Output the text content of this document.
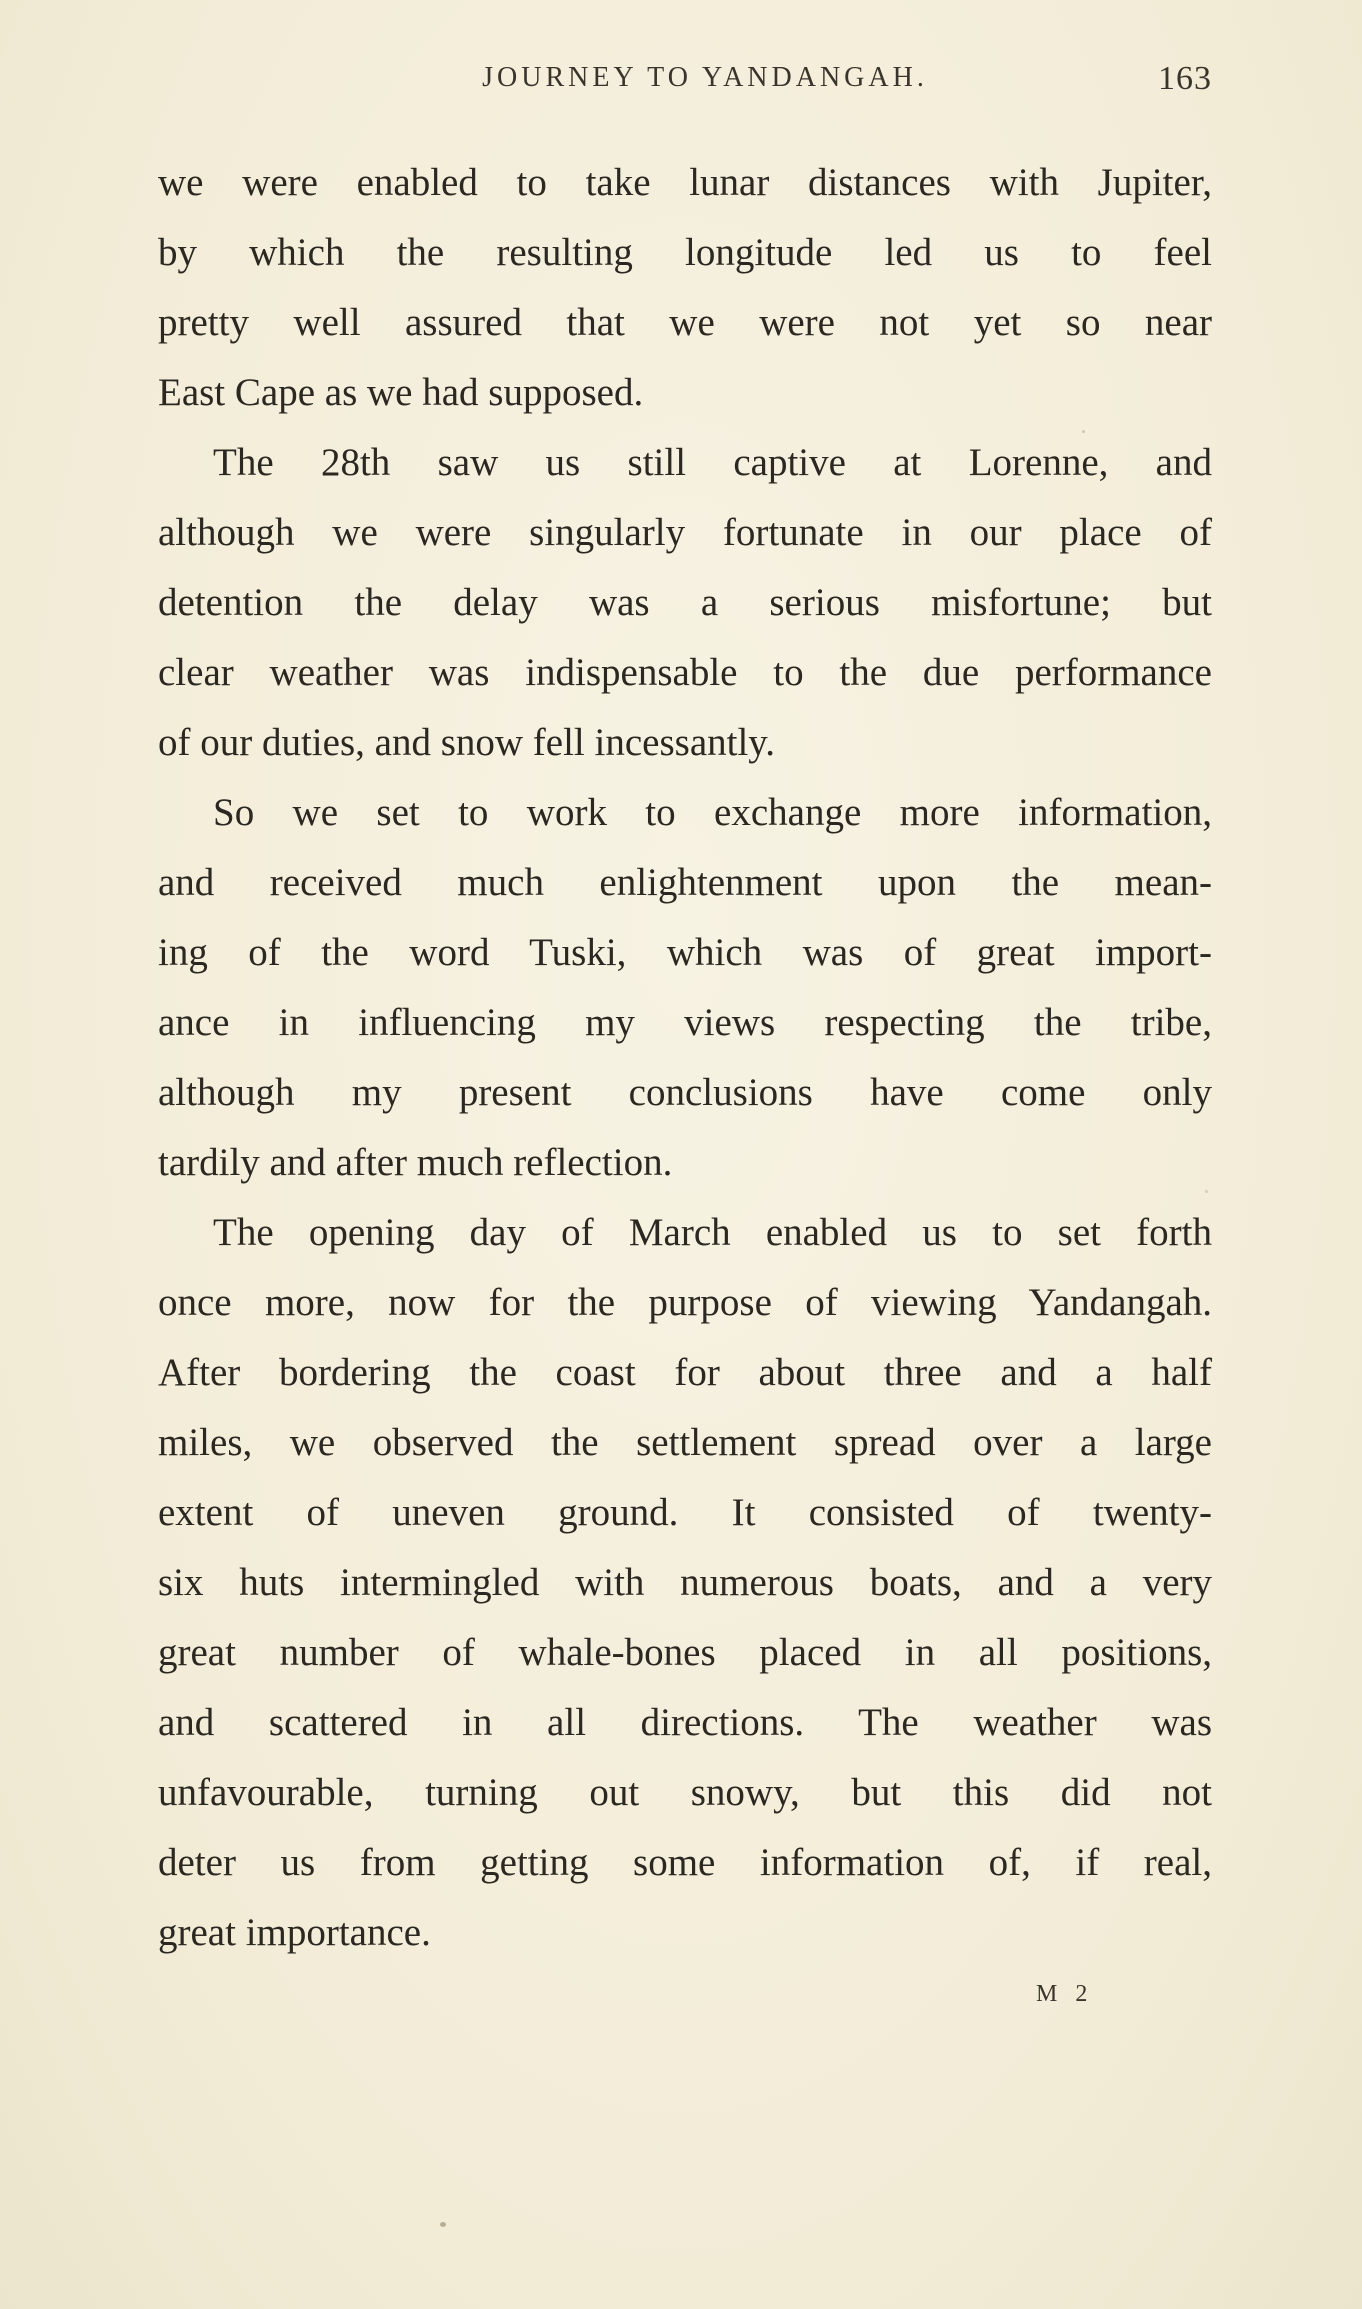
JOURNEY TO YANDANGAH.	163
we were enabled to take lunar distances with Jupiter,
by which the resulting longitude led us to feel
pretty well assured that we were not yet so near
East Cape as we had supposed.
The 28th saw us still captive at Lorenne, and
although we were singularly fortunate in our place of
detention the delay was a serious misfortune; but
clear weather was indispensable to the due performance
of our duties, and snow fell incessantly.
So we set to work to exchange more information,
and received much enlightenment upon the mean-
ing of the word Tuski, which was of great import-
ance in influencing my views respecting the tribe,
although my present conclusions have come only
tardily and after much reflection.
The opening day of March enabled us to set forth
once more, now for the purpose of viewing Yandangah.
After bordering the coast for about three and a half
miles, we observed the settlement spread over a large
extent of uneven ground. It consisted of twenty-
six huts intermingled with numerous boats, and a very
great number of whale-bones placed in all positions,
and scattered in all directions. The weather was
unfavourable, turning out snowy, but this did not
deter us from getting some information of, if real,
great importance.
M 2
